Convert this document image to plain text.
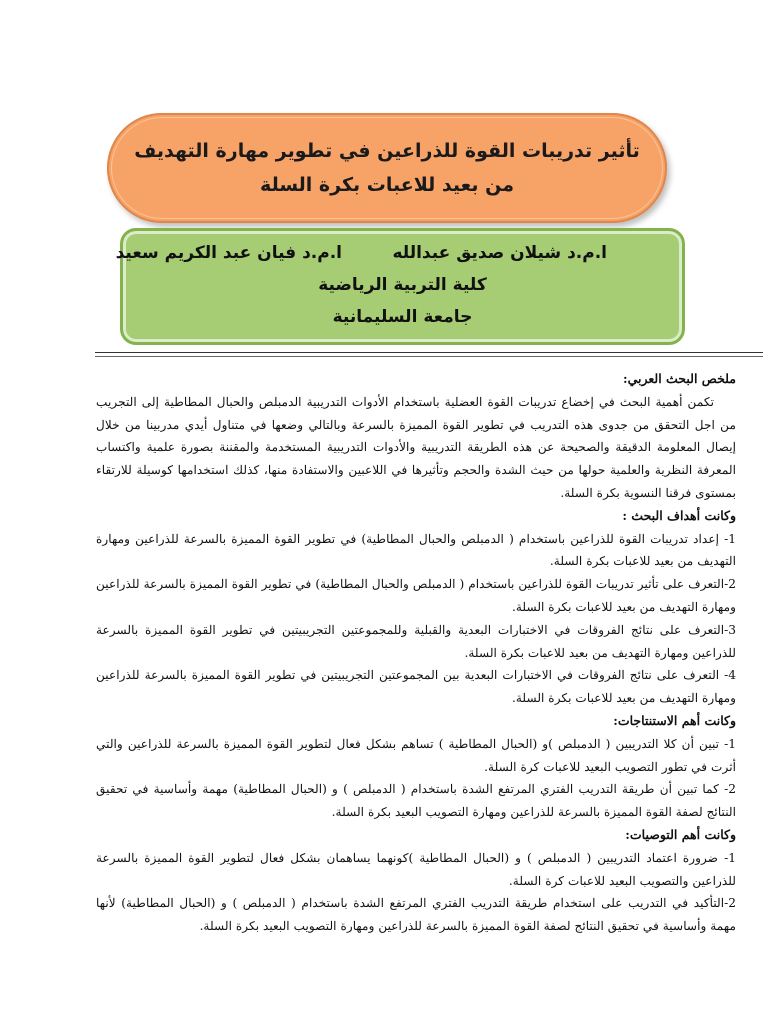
تأثير تدريبات القوة للذراعين في تطوير مهارة التهديف
من بعيد للاعبات بكرة السلة
ا.م.د شيلان صديق عبدالله
ا.م.د فيان عبد الكريم سعيد
كلية التربية الرياضية
جامعة السليمانية

ملخص البحث العربي:

تكمن أهمية البحث في إخضاع تدريبات القوة العضلية باستخدام الأدوات التدريبية الدمبلص والحبال المطاطية إلى التجريب من اجل التحقق من جدوى هذه التدريب في تطوير القوة المميزة بالسرعة وبالتالي وضعها في متناول أيدي مدربينا من خلال إيصال المعلومة الدقيقة والصحيحة عن هذه الطريقة التدريبية والأدوات التدريبية المستخدمة والمقننة بصورة علمية واكتساب المعرفة النظرية والعلمية حولها من حيث الشدة والحجم وتأثيرها في اللاعبين والاستفادة منها، كذلك استخدامها كوسيلة للارتقاء بمستوى فرقنا النسوية بكرة السلة.

وكانت أهداف البحث :

1- إعداد تدريبات القوة للذراعين باستخدام ( الدمبلص والحبال المطاطية) في تطوير القوة المميزة بالسرعة للذراعين ومهارة التهديف من بعيد للاعبات بكرة السلة.

2-التعرف على تأثير تدريبات القوة للذراعين باستخدام ( الدمبلص والحبال المطاطية) في تطوير القوة المميزة بالسرعة للذراعين ومهارة التهديف من بعيد للاعبات بكرة السلة.

3-التعرف على نتائج الفروقات في الاختبارات البعدية والقبلية وللمجموعتين التجريبيتين في تطوير القوة المميزة بالسرعة للذراعين ومهارة التهديف من بعيد للاعبات بكرة السلة.

4- التعرف على نتائج الفروقات في الاختبارات البعدية بين المجموعتين التجريبيتين في تطوير القوة المميزة بالسرعة للذراعين ومهارة التهديف من بعيد للاعبات بكرة السلة.

وكانت أهم الاستنتاجات:

1- تبين أن كلا التدريبين ( الدمبلص )و (الحبال المطاطية ) تساهم بشكل فعال لتطوير القوة المميزة بالسرعة للذراعين والتي أثرت في تطور التصويب البعيد للاعبات كرة السلة.

2- كما تبين أن طريقة التدريب الفتري المرتفع الشدة باستخدام ( الدمبلص ) و (الحبال المطاطية) مهمة وأساسية في تحقيق النتائج لصفة القوة المميزة بالسرعة للذراعين ومهارة التصويب البعيد بكرة السلة.

وكانت أهم التوصيات:

1- ضرورة اعتماد التدريبين ( الدمبلص ) و (الحبال المطاطية )كونهما يساهمان بشكل فعال لتطوير القوة المميزة بالسرعة للذراعين والتصويب البعيد للاعبات كرة السلة.

2-التأكيد في التدريب على استخدام طريقة التدريب الفتري المرتفع الشدة باستخدام ( الدمبلص ) و (الحبال المطاطية) لأنها مهمة وأساسية في تحقيق النتائج لصفة القوة المميزة بالسرعة للذراعين ومهارة التصويب البعيد بكرة السلة.
